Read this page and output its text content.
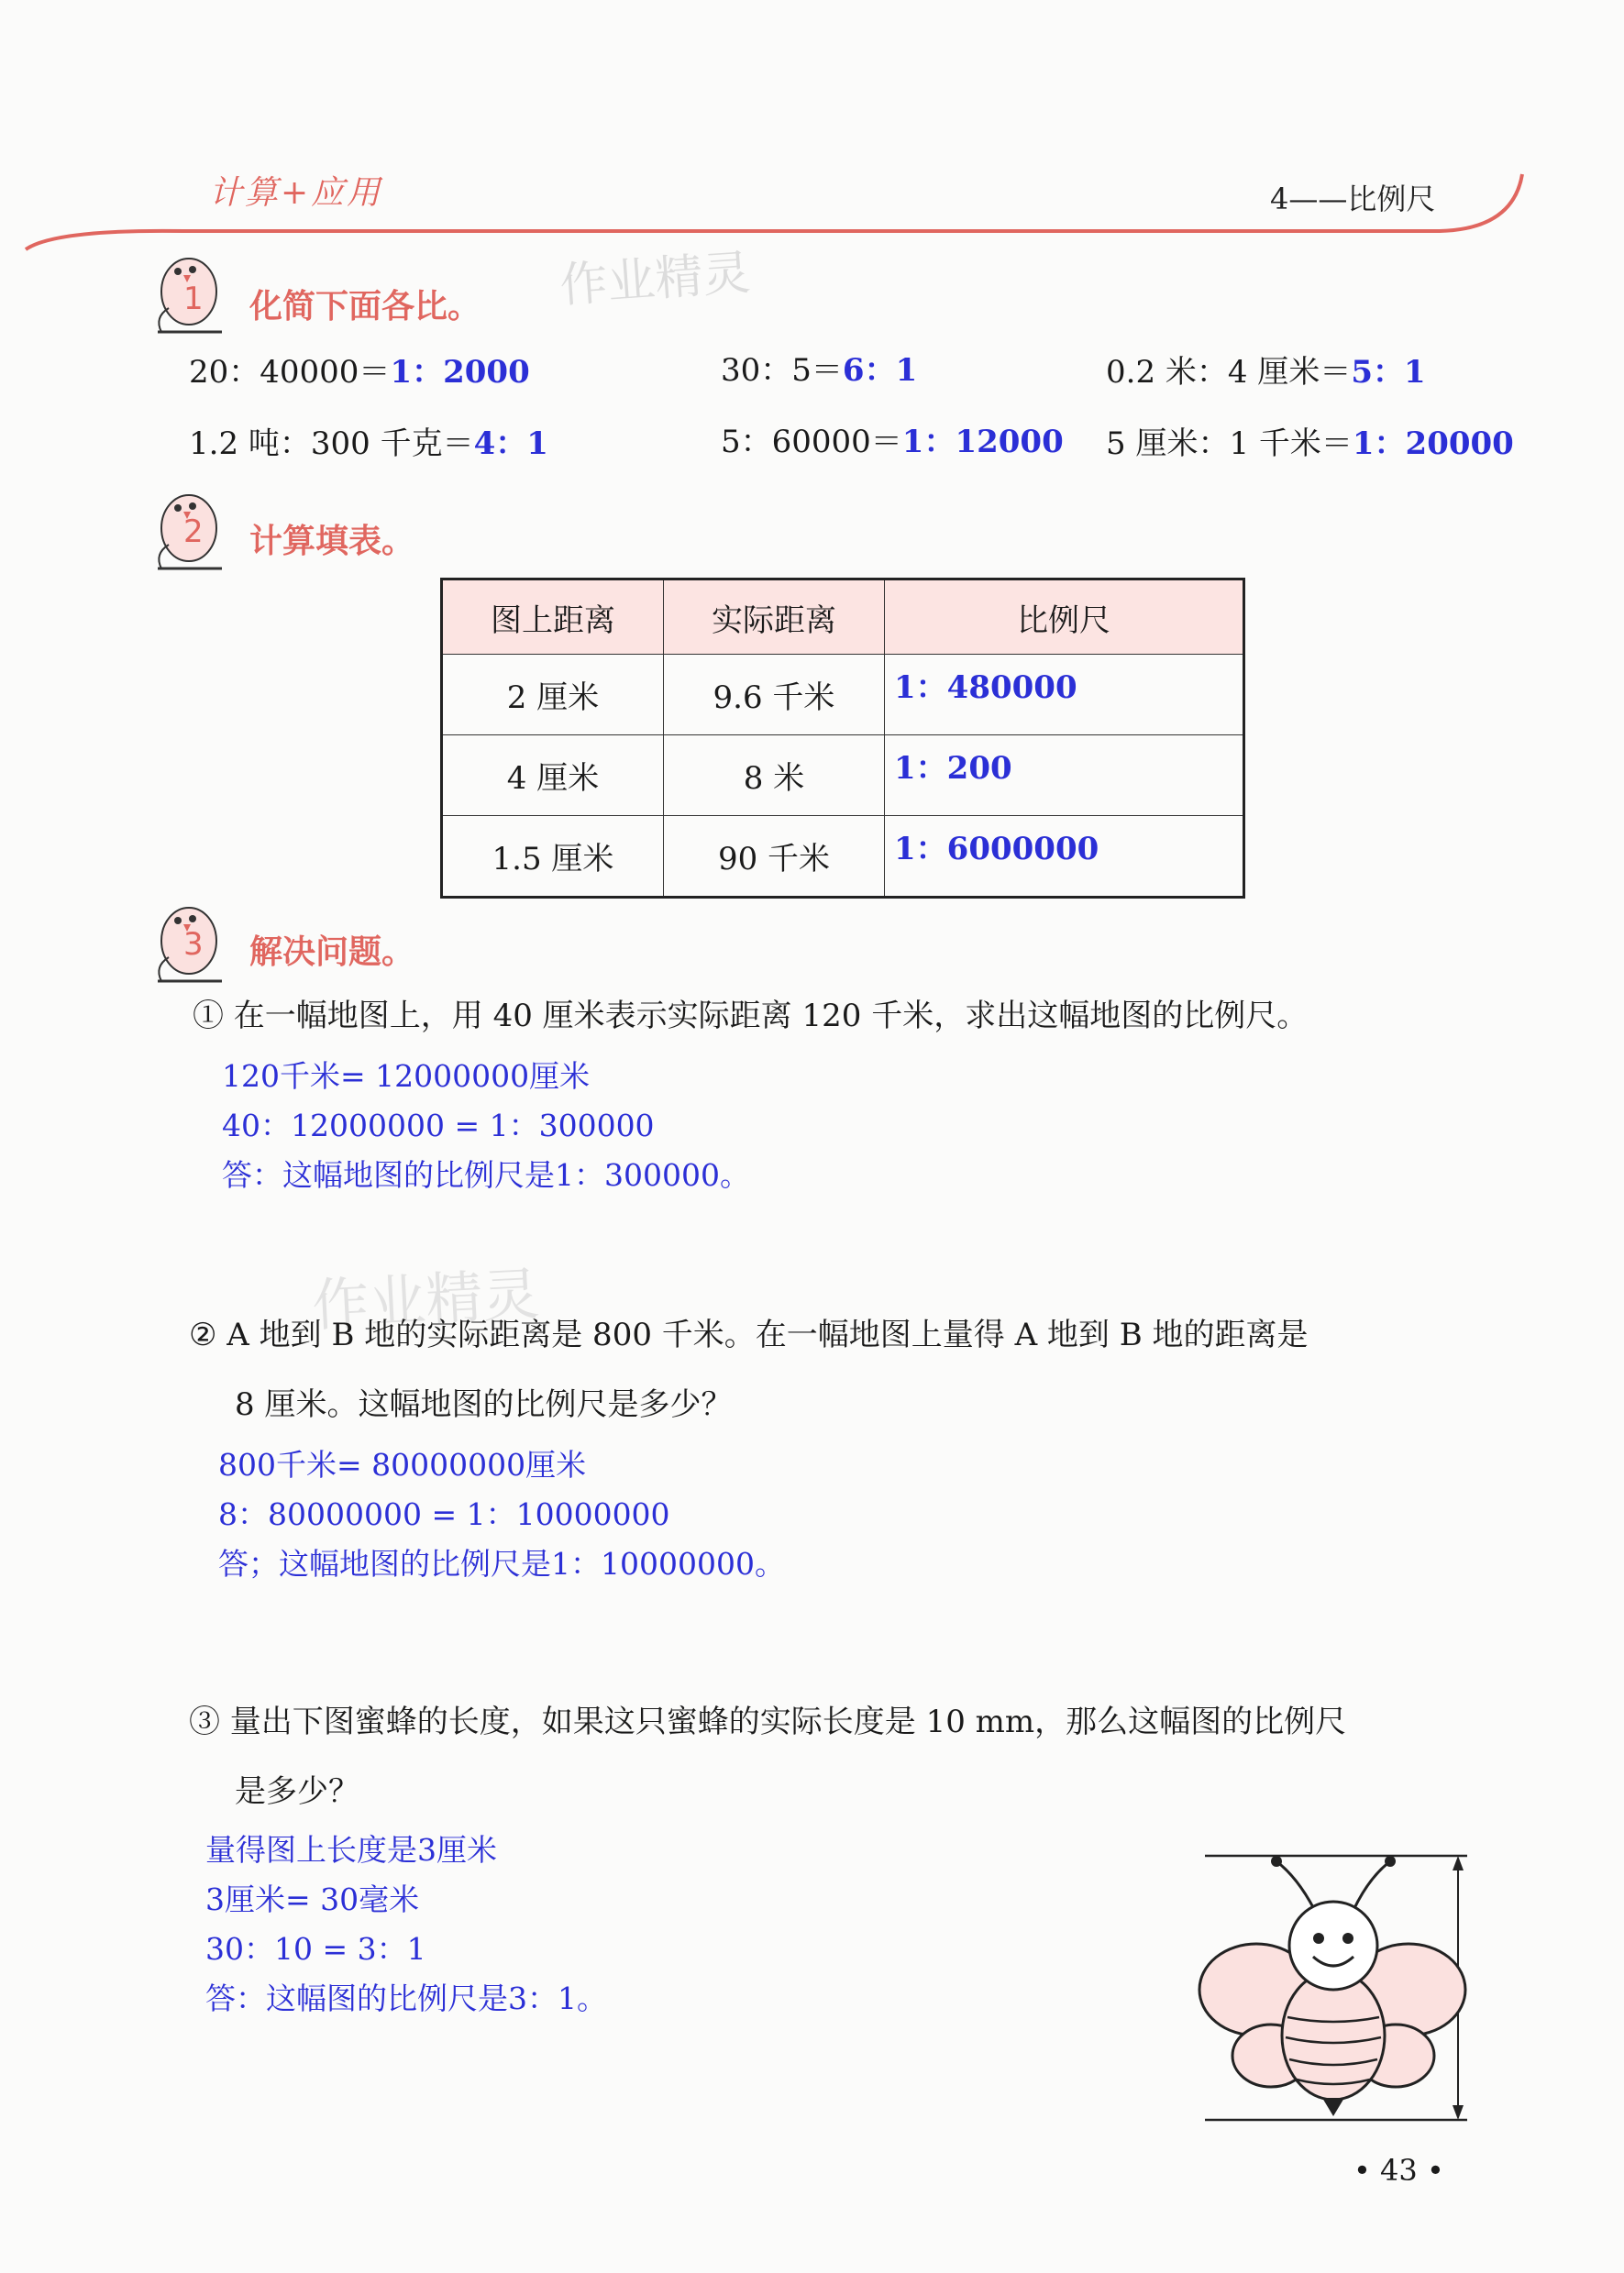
计算+应用	4——比例尺
作业精灵
作业精灵
1 化简下面各比。
20：40000＝1：2000	30：5＝6：1	0.2 米：4 厘米＝5：1
1.2 吨：300 千克＝4：1	5：60000＝1：12000 5 厘米：1 千米＝1：20000
2 计算填表。
图上距离	实际距离	比例尺
2 厘米	9.6 千米	1：480000
4 厘米	8 米	1：200
1.5 厘米	90 千米	1：6000000
3 解决问题。
① 在一幅地图上，用 40 厘米表示实际距离 120 千米，求出这幅地图的比例尺。
120千米= 12000000厘米
40：12000000 = 1：300000
答：这幅地图的比例尺是1：300000。
② A 地到 B 地的实际距离是 800 千米。在一幅地图上量得 A 地到 B 地的距离是
8 厘米。这幅地图的比例尺是多少？
800千米= 80000000厘米
8：80000000 = 1：10000000
答；这幅地图的比例尺是1：10000000。
③ 量出下图蜜蜂的长度，如果这只蜜蜂的实际长度是 10 mm，那么这幅图的比例尺
是多少？
量得图上长度是3厘米
3厘米= 30毫米
30：10 = 3：1
答：这幅图的比例尺是3：1。
• 43 •
